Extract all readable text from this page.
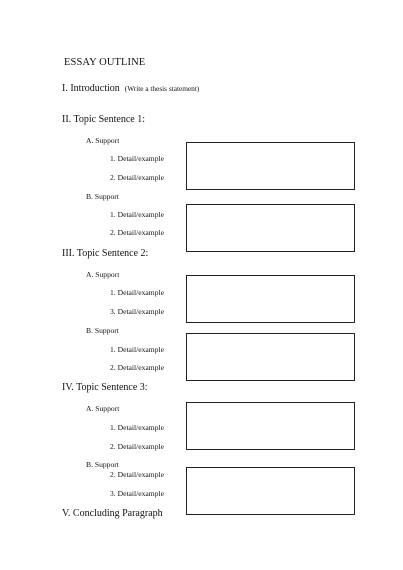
ESSAY OUTLINE
I. Introduction (Write a thesis statement)
II. Topic Sentence 1:
A. Support
1. Detail/example
2. Detail/example
B. Support
1. Detail/example
2. Detail/example
III. Topic Sentence 2:
A. Support
1. Detail/example
3. Detail/example
B. Support
1. Detail/example
2. Detail/example
IV. Topic Sentence 3:
A. Support
1. Detail/example
2. Detail/example
B. Support
2. Detail/example
3. Detail/example
V. Concluding Paragraph
